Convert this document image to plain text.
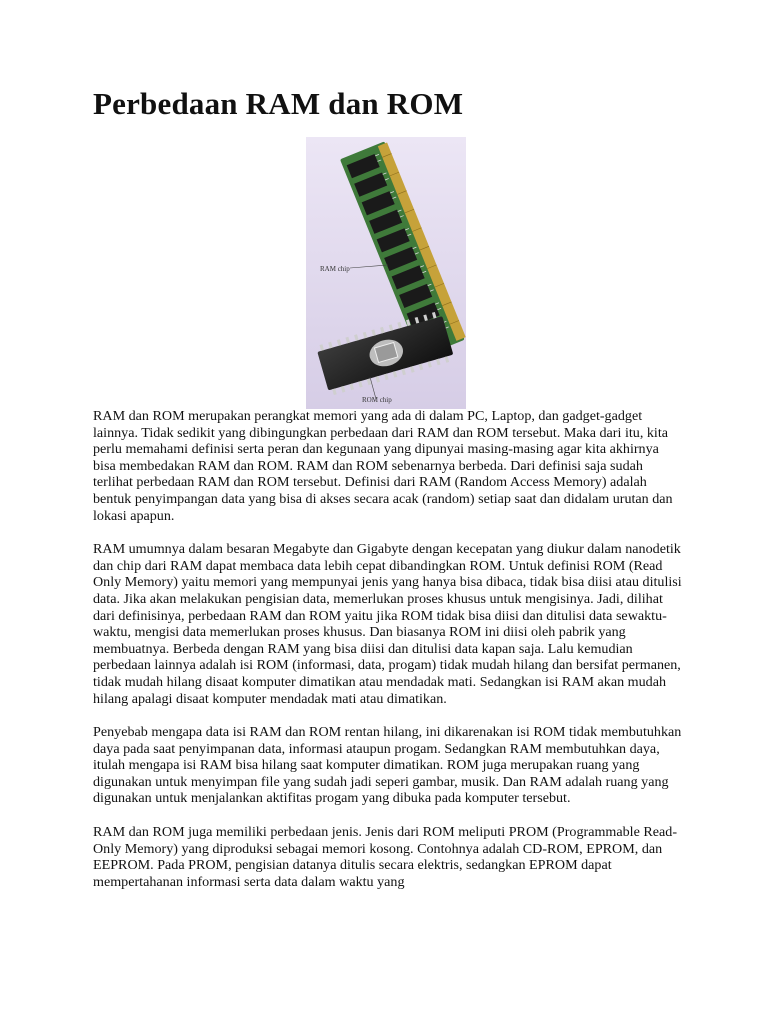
Perbedaan RAM dan ROM
RAM chip
ROM chip

RAM dan ROM merupakan perangkat memori yang ada di dalam PC, Laptop, dan gadget-gadget lainnya. Tidak sedikit yang dibingungkan perbedaan dari RAM dan ROM tersebut. Maka dari itu, kita perlu memahami definisi serta peran dan kegunaan yang dipunyai masing-masing agar kita akhirnya bisa membedakan RAM dan ROM. RAM dan ROM sebenarnya berbeda. Dari definisi saja sudah terlihat perbedaan RAM dan ROM tersebut. Definisi dari RAM (Random Access Memory) adalah bentuk penyimpangan data yang bisa di akses secara acak (random) setiap saat dan didalam urutan dan lokasi apapun.

RAM umumnya dalam besaran Megabyte dan Gigabyte dengan kecepatan yang diukur dalam nanodetik dan chip dari RAM dapat membaca data lebih cepat dibandingkan ROM. Untuk definisi ROM (Read Only Memory) yaitu memori yang mempunyai jenis yang hanya bisa dibaca, tidak bisa diisi atau ditulisi data. Jika akan melakukan pengisian data, memerlukan proses khusus untuk mengisinya. Jadi, dilihat dari definisinya, perbedaan RAM dan ROM yaitu jika ROM tidak bisa diisi dan ditulisi data sewaktu-waktu, mengisi data memerlukan proses khusus. Dan biasanya ROM ini diisi oleh pabrik yang membuatnya. Berbeda dengan RAM yang bisa diisi dan ditulisi data kapan saja. Lalu kemudian perbedaan lainnya adalah isi ROM (informasi, data, progam) tidak mudah hilang dan bersifat permanen, tidak mudah hilang disaat komputer dimatikan atau mendadak mati. Sedangkan isi RAM akan mudah hilang apalagi disaat komputer mendadak mati atau dimatikan.

Penyebab mengapa data isi RAM dan ROM rentan hilang, ini dikarenakan isi ROM tidak membutuhkan daya pada saat penyimpanan data, informasi ataupun progam. Sedangkan RAM membutuhkan daya, itulah mengapa isi RAM bisa hilang saat komputer dimatikan. ROM juga merupakan ruang yang digunakan untuk menyimpan file yang sudah jadi seperi gambar, musik. Dan RAM adalah ruang yang digunakan untuk menjalankan aktifitas progam yang dibuka pada komputer tersebut.

RAM dan ROM juga memiliki perbedaan jenis. Jenis dari ROM meliputi PROM (Programmable Read-Only Memory) yang diproduksi sebagai memori kosong. Contohnya adalah CD-ROM, EPROM, dan EEPROM. Pada PROM, pengisian datanya ditulis secara elektris, sedangkan EPROM dapat mempertahanan informasi serta data dalam waktu yang
